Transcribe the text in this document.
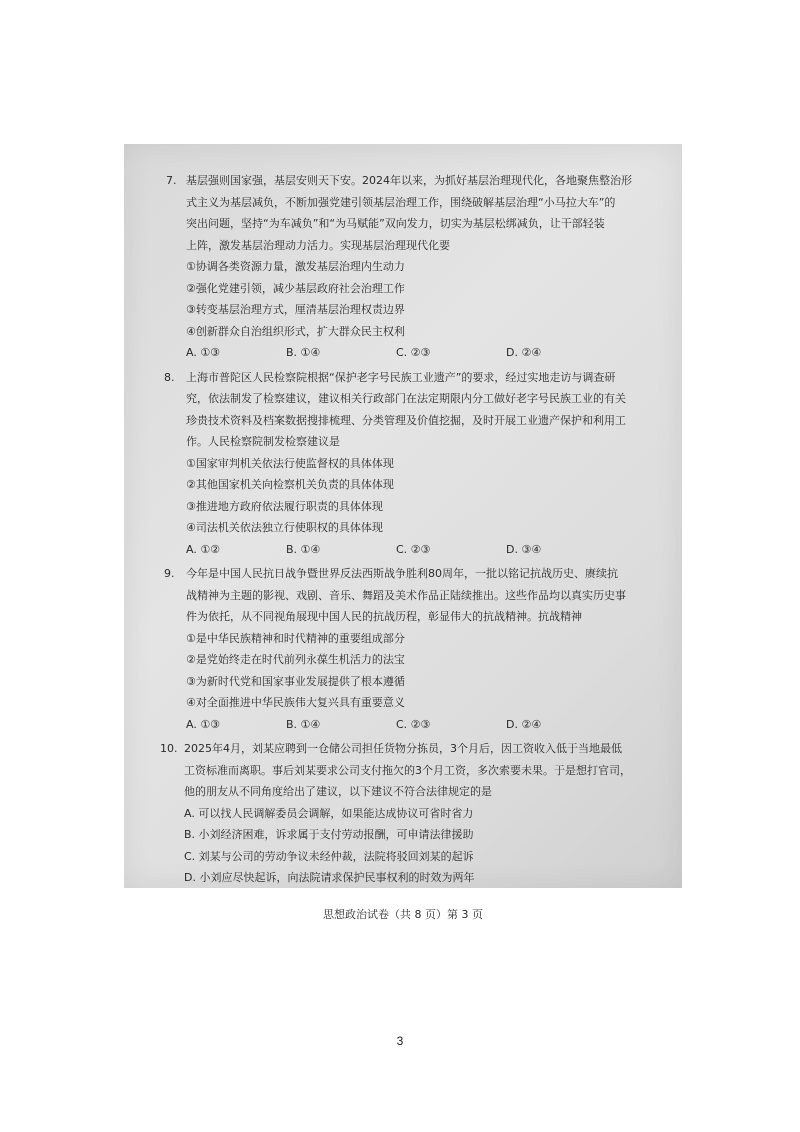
7. 基层强则国家强，基层安则天下安。2024年以来，为抓好基层治理现代化，各地聚焦整治形
式主义为基层减负，不断加强党建引领基层治理工作，围绕破解基层治理“小马拉大车”的
突出问题，坚持“为车减负”和“为马赋能”双向发力，切实为基层松绑减负，让干部轻装
上阵，激发基层治理动力活力。实现基层治理现代化要
①协调各类资源力量，激发基层治理内生动力
②强化党建引领，减少基层政府社会治理工作
③转变基层治理方式，厘清基层治理权责边界
④创新群众自治组织形式，扩大群众民主权利
A. ①③	B. ①④	C. ②③	D. ②④
8. 上海市普陀区人民检察院根据“保护老字号民族工业遗产”的要求，经过实地走访与调查研
究，依法制发了检察建议，建议相关行政部门在法定期限内分工做好老字号民族工业的有关
珍贵技术资料及档案数据搜排梳理、分类管理及价值挖掘，及时开展工业遗产保护和利用工
作。人民检察院制发检察建议是
①国家审判机关依法行使监督权的具体体现
②其他国家机关向检察机关负责的具体体现
③推进地方政府依法履行职责的具体体现
④司法机关依法独立行使职权的具体体现
A. ①②	B. ①④	C. ②③	D. ③④
9. 今年是中国人民抗日战争暨世界反法西斯战争胜利80周年，一批以铭记抗战历史、赓续抗
战精神为主题的影视、戏剧、音乐、舞蹈及美术作品正陆续推出。这些作品均以真实历史事
件为依托，从不同视角展现中国人民的抗战历程，彰显伟大的抗战精神。抗战精神
①是中华民族精神和时代精神的重要组成部分
②是党始终走在时代前列永葆生机活力的法宝
③为新时代党和国家事业发展提供了根本遵循
④对全面推进中华民族伟大复兴具有重要意义
A. ①③	B. ①④	C. ②③	D. ②④
10. 2025年4月，刘某应聘到一仓储公司担任货物分拣员，3个月后，因工资收入低于当地最低
工资标准而离职。事后刘某要求公司支付拖欠的3个月工资，多次索要未果。于是想打官司，
他的朋友从不同角度给出了建议，以下建议不符合法律规定的是
A. 可以找人民调解委员会调解，如果能达成协议可省时省力
B. 小刘经济困难，诉求属于支付劳动报酬，可申请法律援助
C. 刘某与公司的劳动争议未经仲裁，法院将驳回刘某的起诉
D. 小刘应尽快起诉，向法院请求保护民事权利的时效为两年
思想政治试卷（共 8 页）第 3 页
3
